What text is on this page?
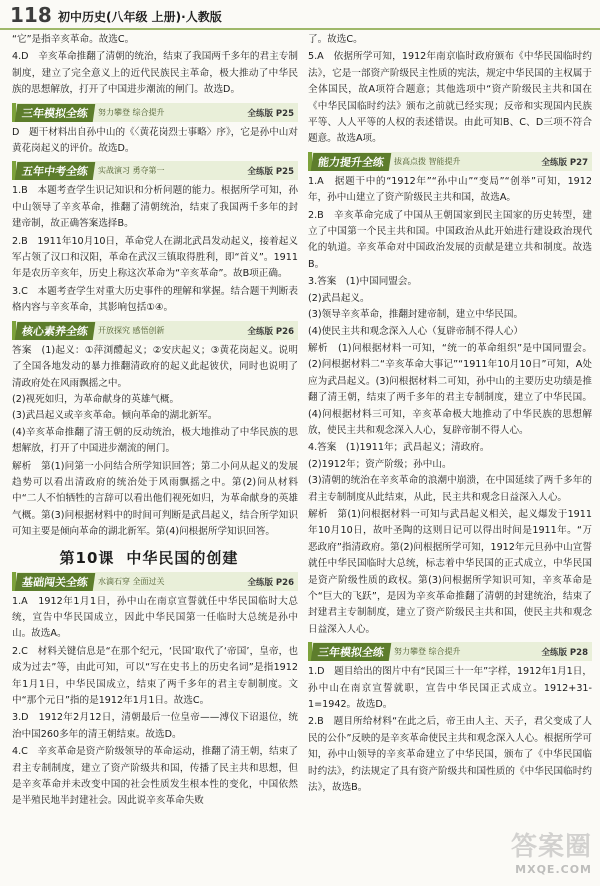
118 初中历史(八年级 上册)·人教版

“它”是指辛亥革命。故选C。

4.D　辛亥革命推翻了清朝的统治，结束了我国两千多年的君主专制制度，建立了完全意义上的近代民族民主革命，极大推动了中华民族的思想解放，打开了中国进步潮流的闸门。故选D。

三年模拟全练	努力攀登 综合提升	全练版 P25

D　题干材料出自孙中山的《〈黄花岗烈士事略〉序》，它是孙中山对黄花岗起义的评价。故选D。

五年中考全练	实战演习 勇夺第一	全练版 P25

1.B　本题考查学生识记知识和分析问题的能力。根据所学可知，孙中山领导了辛亥革命，推翻了清朝统治，结束了我国两千多年的封建帝制，故正确答案选择B。

2.B　1911年10月10日，革命党人在湖北武昌发动起义，接着起义军占领了汉口和汉阳，革命在武汉三镇取得胜利，即“首义”。1911年是农历辛亥年，历史上称这次革命为“辛亥革命”。故B项正确。

3.C　本题考查学生对重大历史事件的理解和掌握。结合题干判断表格内容与辛亥革命，其影响包括①④。

核心素养全练	开放探究 感悟创新	全练版 P26

答案　(1)起义：①萍浏醴起义；②安庆起义；③黄花岗起义。说明了全国各地发动的暴力推翻清政府的起义此起彼伏，同时也说明了清政府处在风雨飘摇之中。
(2)视死如归，为革命献身的英雄气概。
(3)武昌起义或辛亥革命。倾向革命的湖北新军。
(4)辛亥革命推翻了清王朝的反动统治，极大地推动了中华民族的思想解放，打开了中国进步潮流的闸门。

解析　第(1)问第一小问结合所学知识回答；第二小问从起义的发展趋势可以看出清政府的统治处于风雨飘摇之中。第(2)问从材料中“二人不怕牺牲的言辞可以看出他们视死如归，为革命献身的英雄气概。第(3)问根据材料中的时间可判断是武昌起义，结合所学知识可知主要是倾向革命的湖北新军。第(4)问根据所学知识回答。

第10课 中华民国的创建
基础闯关全练	水滴石穿 全面过关	全练版 P26

1.A　1912年1月1日，孙中山在南京宣誓就任中华民国临时大总统，宣告中华民国成立，因此中华民国第一任临时大总统是孙中山。故选A。

2.C　材料关键信息是“在那个纪元，‘民国’取代了‘帝国’，皇帝，也成为过去”等，由此可知，可以“写在史书上的历史名词”是指1912年1月1日，中华民国成立，结束了两千多年的君主专制制度。文中“那个元日”指的是1912年1月1日。故选C。

3.D　1912年2月12日，清朝最后一位皇帝——溥仪下诏退位，统治中国260多年的清王朝结束。故选D。

4.C　辛亥革命是资产阶级领导的革命运动，推翻了清王朝，结束了君主专制制度，建立了资产阶级共和国，传播了民主共和思想，但是辛亥革命并未改变中国的社会性质发生根本性的变化，中国依然是半殖民地半封建社会。因此说辛亥革命失败

了。故选C。

5.A　依据所学可知，1912年南京临时政府颁布《中华民国临时约法》，它是一部资产阶级民主性质的宪法，规定中华民国的主权属于全体国民，故A项符合题意；其他选项中“资产阶级民主共和国在《中华民国临时约法》颁布之前就已经实现；反帝和实现国内民族平等、人人平等的人权的表述错误。由此可知B、C、D三项不符合题意。故选A项。

能力提升全练	拔高点拨 智能提升	全练版 P27

1.A　据题干中的“1912年”“孙中山”“变局”“创举”可知，1912年，孙中山建立了资产阶级民主共和国，故选A。

2.B　辛亥革命完成了中国从王朝国家到民主国家的历史转型，建立了中国第一个民主共和国。中国政治从此开始进行建设政治现代化的轨道。辛亥革命对中国政治发展的贡献是建立共和制度。故选B。

3.答案　(1)中国同盟会。
(2)武昌起义。
(3)领导辛亥革命，推翻封建帝制，建立中华民国。
(4)使民主共和观念深入人心（复辟帝制不得人心）

解析　(1)问根据材料一可知，“统一的革命组织”是中国同盟会。(2)问根据材料二“辛亥革命大事记”“1911年10月10日”可知，A处应为武昌起义。(3)问根据材料二可知，孙中山的主要历史功绩是推翻了清王朝，结束了两千多年的君主专制制度，建立了中华民国。(4)问根据材料三可知，辛亥革命极大地推动了中华民族的思想解放，使民主共和观念深入人心，复辟帝制不得人心。

4.答案　(1)1911年；武昌起义；清政府。
(2)1912年；资产阶级；孙中山。
(3)清朝的统治在辛亥革命的浪潮中崩溃，在中国延续了两千多年的君主专制制度从此结束，从此，民主共和观念日益深入人心。

解析　第(1)问根据材料一可知与武昌起义相关，起义爆发于1911年10月10日，故叶圣陶的这则日记可以得出时间是1911年。“万恶政府”指清政府。第(2)问根据所学可知，1912年元旦孙中山宣誓就任中华民国临时大总统，标志着中华民国的正式成立，中华民国是资产阶级性质的政权。第(3)问根据所学知识可知，辛亥革命是个“巨大的飞跃”，是因为辛亥革命推翻了清朝的封建统治，结束了封建君主专制制度，建立了资产阶级民主共和国，使民主共和观念日益深入人心。

三年模拟全练	努力攀登 综合提升	全练版 P28

1.D　题目给出的图片中有“民国三十一年”字样，1912年1月1日，孙中山在南京宣誓就职，宣告中华民国正式成立。1912+31-1=1942。故选D。

2.B　题目所给材料“在此之后，帝王由人主、天子，君父变成了人民的公仆”反映的是辛亥革命使民主共和观念深入人心。根据所学可知，孙中山领导的辛亥革命建立了中华民国，颁布了《中华民国临时约法》，约法规定了具有资产阶级共和国性质的《中华民国临时约法》，故选B。

答案圈
MXQE.COM
